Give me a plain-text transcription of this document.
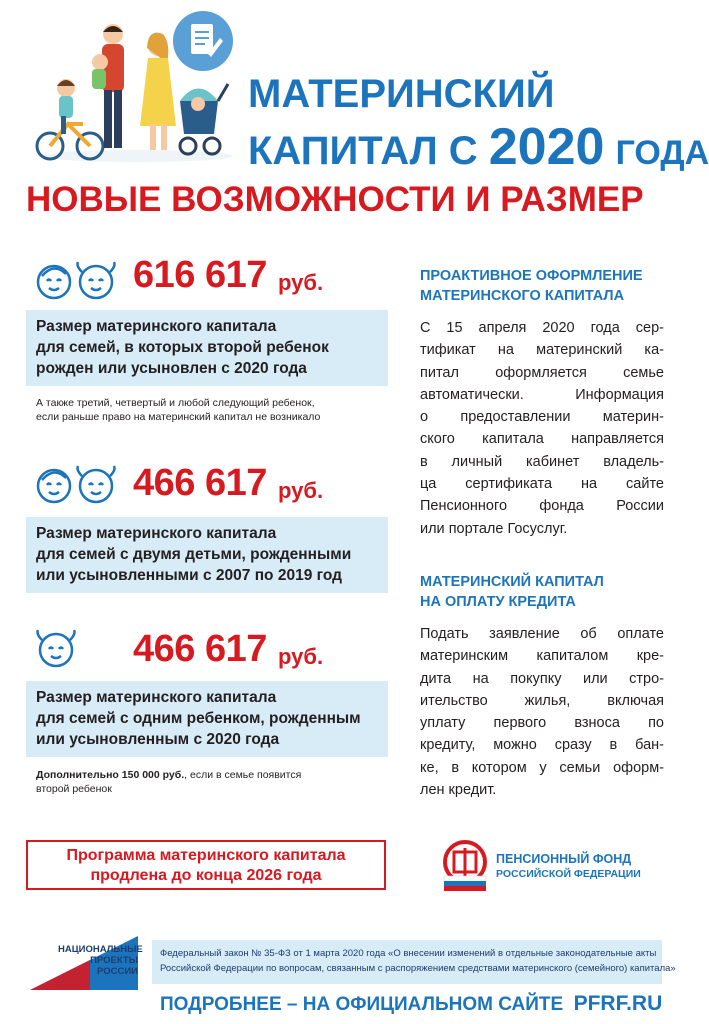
МАТЕРИНСКИЙ
КАПИТАЛ С 2020 ГОДА
НОВЫЕ ВОЗМОЖНОСТИ И РАЗМЕР
616 617 руб.
Размер материнского капитала
для семей, в которых второй ребенок
рожден или усыновлен с 2020 года
А также третий, четвертый и любой следующий ребенок,
если раньше право на материнский капитал не возникало
466 617 руб.
Размер материнского капитала
для семей с двумя детьми, рожденными
или усыновленными с 2007 по 2019 год
466 617 руб.
Размер материнского капитала
для семей с одним ребенком, рожденным
или усыновленным с 2020 года
Дополнительно 150 000 руб., если в семье появится
второй ребенок
ПРОАКТИВНОЕ ОФОРМЛЕНИЕ
МАТЕРИНСКОГО КАПИТАЛА
С 15 апреля 2020 года сер-
тификат на материнский ка-
питал оформляется семье
автоматически. Информация
о предоставлении материн-
ского капитала направляется
в личный кабинет владель-
ца сертификата на сайте
Пенсионного фонда России
или портале Госуслуг.
МАТЕРИНСКИЙ КАПИТАЛ
НА ОПЛАТУ КРЕДИТА
Подать заявление об оплате
материнским капиталом кре-
дита на покупку или стро-
ительство жилья, включая
уплату первого взноса по
кредиту, можно сразу в бан-
ке, в котором у семьи оформ-
лен кредит.
Программа материнского капитала
продлена до конца 2026 года
ПЕНСИОННЫЙ ФОНД
РОССИЙСКОЙ ФЕДЕРАЦИИ
НАЦИОНАЛЬНЫЕ
ПРОЕКТЫ
РОССИИ
Федеральный закон № 35-ФЗ от 1 марта 2020 года «О внесении изменений в отдельные законодательные акты
Российской Федерации по вопросам, связанным с распоряжением средствами материнского (семейного) капитала»
ПОДРОБНЕЕ – НА ОФИЦИАЛЬНОМ САЙТЕ PFRF.RU
